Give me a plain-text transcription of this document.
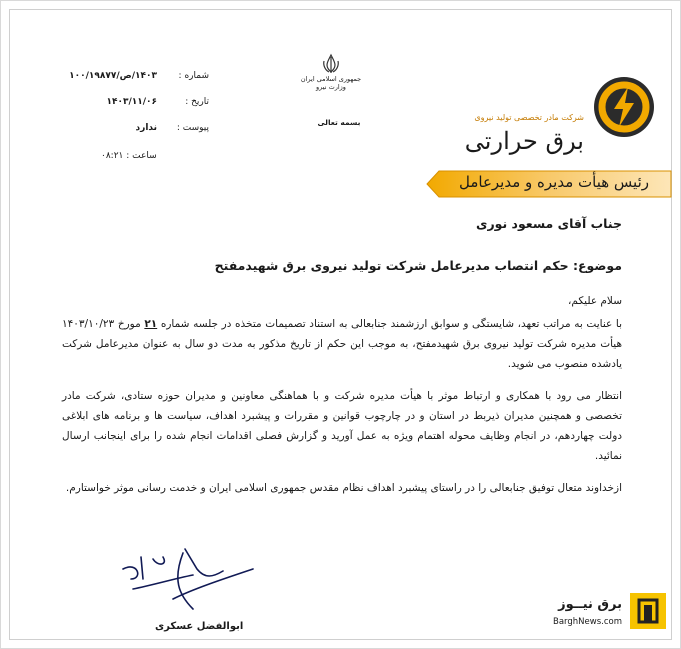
شرکت مادر تخصصی تولید نیروی
برق حرارتی
جمهوری اسلامی ایران
وزارت نیرو
بسمه تعالی
شماره :
۱۴۰۳/ص/۱۰۰/۱۹۸۷۷
تاریخ :
۱۴۰۳/۱۱/۰۶
پیوست :
ندارد
ساعت : ۰۸:۲۱
رئیس هیأت مدیره و مدیرعامل
جناب آقای مسعود نوری
موضوع: حکم انتصاب مدیرعامل شرکت تولید نیروی برق شهیدمفتح

سلام علیکم،

با عنایت به مراتب تعهد، شایستگی و سوابق ارزشمند جنابعالی به استناد تصمیمات متخذه در جلسه شماره ۲۱ مورخ ۱۴۰۳/۱۰/۲۳ هیأت مدیره شرکت تولید نیروی برق شهیدمفتح، به موجب این حکم از تاریخ مذکور به مدت دو سال به عنوان مدیرعامل شرکت یادشده منصوب می شوید.

انتظار می رود با همکاری و ارتباط موثر با هیأت مدیره شرکت و با هماهنگی معاونین و مدیران حوزه ستادی، شرکت مادر تخصصی و همچنین مدیران ذیربط در استان و در چارچوب قوانین و مقررات و پیشبرد اهداف، سیاست ها و برنامه های ابلاغی دولت چهاردهم، در انجام وظایف محوله اهتمام ویژه به عمل آورید و گزارش فصلی اقدامات انجام شده را برای اینجانب ارسال نمائید.

ازخداوند متعال توفیق جنابعالی را در راستای پیشبرد اهداف نظام مقدس جمهوری اسلامی ایران و خدمت رسانی موثر خواستارم.

ابوالفضل عسکری
برق نیــوز
BarghNews.com
